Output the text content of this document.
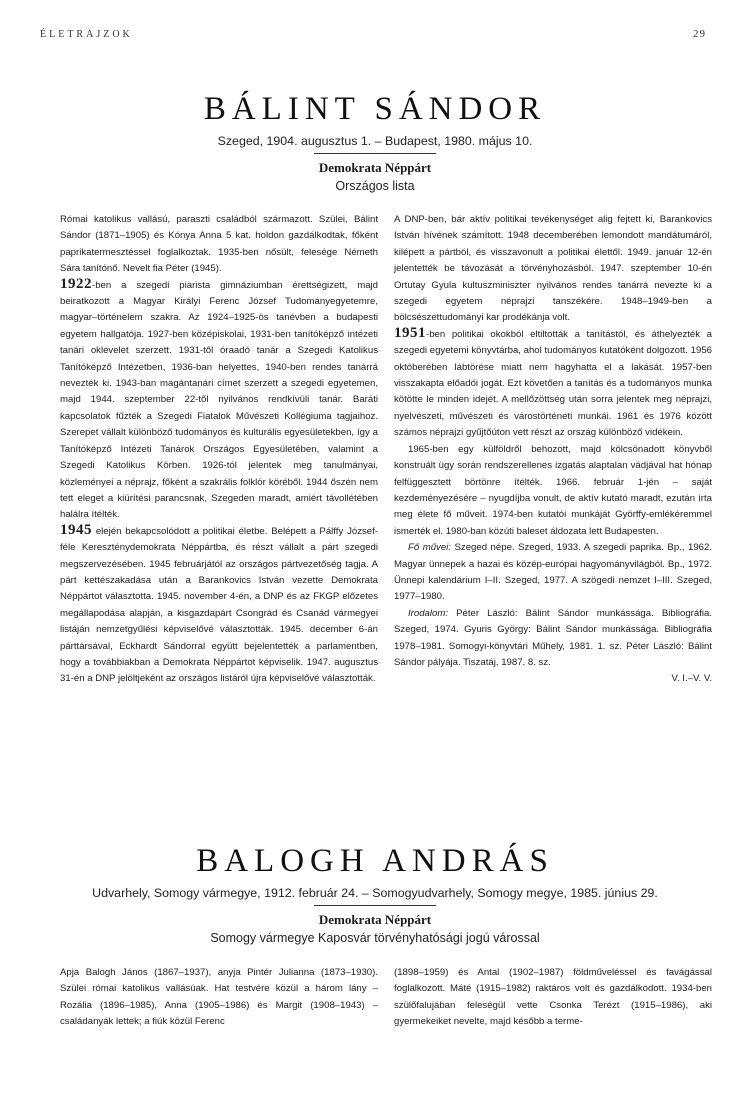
ÉLETRAJZOK	29
BÁLINT SÁNDOR
Szeged, 1904. augusztus 1. – Budapest, 1980. május 10.
Demokrata Néppárt
Országos lista

Római katolikus vallású, paraszti családból származott. Szülei, Bálint Sándor (1871–1905) és Kónya Anna 5 kat. holdon gazdálkodtak, főként paprikatermesztéssel foglalkoztak. 1935-ben nősült, felesége Németh Sára tanítónő. Nevelt fia Péter (1945).

1922-ben a szegedi piarista gimnáziumban érettségizett, majd beiratkozott a Magyar Királyi Ferenc József Tudományegyetemre, magyar–történelem szakra. Az 1924–1925-ös tanévben a budapesti egyetem hallgatója. 1927-ben középiskolai, 1931-ben tanítóképző intézeti tanári oklevelet szerzett. 1931-től óraadó tanár a Szegedi Katolikus Tanítóképző Intézetben, 1936-ban helyettes, 1940-ben rendes tanárrá nevezték ki. 1943-ban magántanári címet szerzett a szegedi egyetemen, majd 1944. szeptember 22-től nyilvános rendkívüli tanár. Baráti kapcsolatok fűzték a Szegedi Fiatalok Művészeti Kollégiuma tagjaihoz. Szerepet vállalt különböző tudományos és kulturális egyesületekben, így a Tanítóképző Intézeti Tanárok Országos Egyesületében, valamint a Szegedi Katolikus Körben. 1926-tól jelentek meg tanulmányai, közleményei a néprajz, főként a szakrális folklór köréből. 1944 őszén nem tett eleget a kiürítési parancsnak, Szegeden maradt, amiért távollétében halálra ítélték.

1945 elején bekapcsolódott a politikai életbe. Belépett a Pálffy József-féle Kereszténydemokrata Néppártba, és részt vállalt a párt szegedi megszervezésében. 1945 februárjától az országos pártvezetőség tagja. A párt kettészakadása után a Barankovics István vezette Demokrata Néppártot választotta. 1945. november 4-én, a DNP és az FKGP előzetes megállapodása alapján, a kisgazdapárt Csongrád és Csanád vármegyei listáján nemzetgyűlési képviselővé választották. 1945. december 6-án párttársával, Eckhardt Sándorral együtt bejelentették a parlamentben, hogy a továbbiakban a Demokrata Néppártot képviselik. 1947. augusztus 31-én a DNP jelöltjeként az országos listáról újra képviselővé választották.

A DNP-ben, bár aktív politikai tevékenységet alig fejtett ki, Barankovics István hívének számított. 1948 decemberében lemondott mandátumáról, kilépett a pártból, és visszavonult a politikai élettől. 1949. január 12-én jelentették be távozását a törvényhozásból. 1947. szeptember 10-én Ortutay Gyula kultuszminiszter nyilvános rendes tanárrá nevezte ki a szegedi egyetem néprajzi tanszékére. 1948–1949-ben a bölcsészettudományi kar prodékánja volt.

1951-ben politikai okokból eltiltották a tanítástól, és áthelyezték a szegedi egyetemi könyvtárba, ahol tudományos kutatóként dolgozott. 1956 októberében lábtörése miatt nem hagyhatta el a lakását. 1957-ben visszakapta előadói jogát. Ezt követően a tanítás és a tudományos munka kötötte le minden idejét. A mellőzöttség után sorra jelentek meg néprajzi, nyelvészeti, művészeti és várostörténeti munkái. 1961 és 1976 között számos néprajzi gyűjtőúton vett részt az ország különböző vidékein.

1965-ben egy külföldről behozott, majd kölcsönadott könyvből konstruált ügy során rendszerellenes izgatás alaptalan vádjával hat hónap felfüggesztett börtönre ítélték. 1966. február 1-jén – saját kezdeményezésére – nyugdíjba vonult, de aktív kutató maradt, ezután írta meg élete fő műveit. 1974-ben kutatói munkáját Györffy-emlékéremmel ismerték el. 1980-ban közúti baleset áldozata lett Budapesten.

Fő művei: Szeged népe. Szeged, 1933. A szegedi paprika. Bp., 1962. Magyar ünnepek a hazai és közép-európai hagyományvilágból. Bp., 1972. Ünnepi kalendárium I–II. Szeged, 1977. A szögedi nemzet I–III. Szeged, 1977–1980.

Irodalom: Péter László: Bálint Sándor munkássága. Bibliográfia. Szeged, 1974. Gyuris György: Bálint Sándor munkássága. Bibliográfia 1978–1981. Somogyi-könyvtári Műhely, 1981. 1. sz. Péter László: Bálint Sándor pályája. Tiszatáj, 1987. 8. sz.

V. I.–V. V.
BALOGH ANDRÁS
Udvarhely, Somogy vármegye, 1912. február 24. – Somogyudvarhely, Somogy megye, 1985. június 29.
Demokrata Néppárt
Somogy vármegye Kaposvár törvényhatósági jogú várossal

Apja Balogh János (1867–1937), anyja Pintér Julianna (1873–1930). Szülei római katolikus vallásúak. Hat testvére közül a három lány – Rozália (1896–1985), Anna (1905–1986) és Margit (1908–1943) – családanyák lettek; a fiúk közül Ferenc

(1898–1959) és Antal (1902–1987) földműveléssel és favágással foglalkozott. Máté (1915–1982) raktáros volt és gazdálkodott. 1934-ben szülőfalujában feleségül vette Csonka Terézt (1915–1986), aki gyermekeiket nevelte, majd később a terme-
